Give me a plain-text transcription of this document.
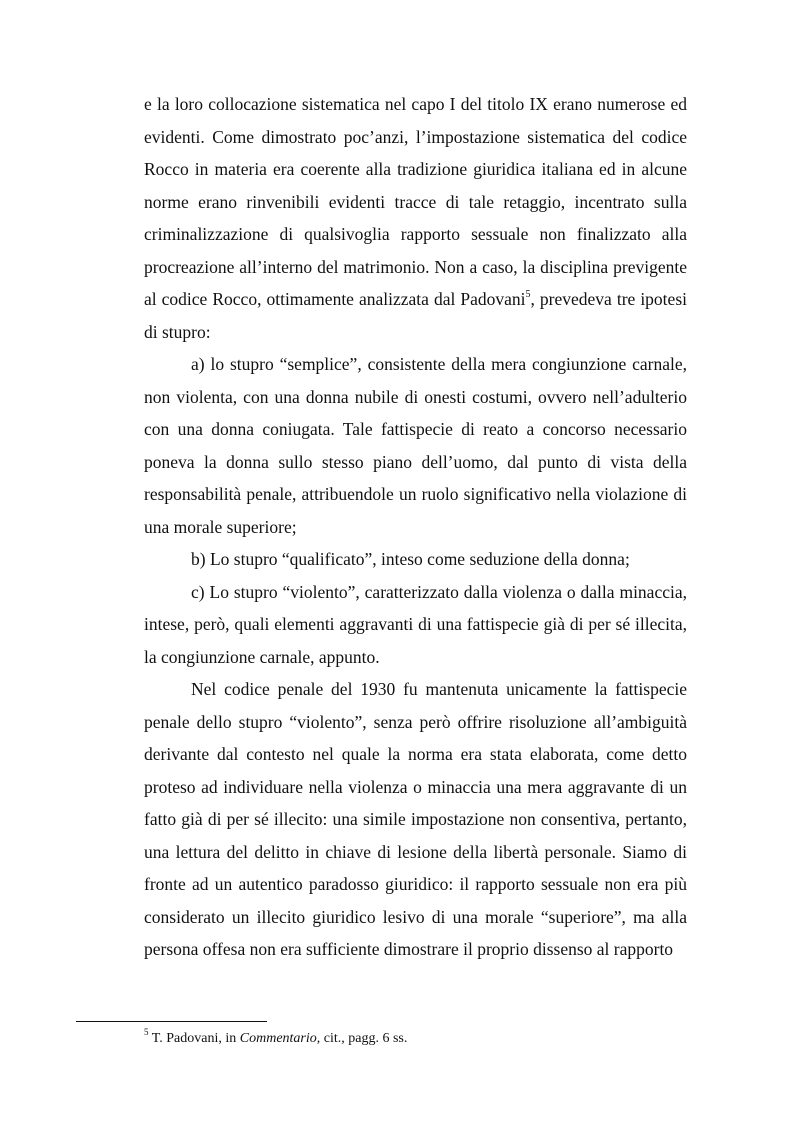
e la loro collocazione sistematica nel capo I del titolo IX erano numerose ed evidenti. Come dimostrato poc’anzi, l’impostazione sistematica del codice Rocco in materia era coerente alla tradizione giuridica italiana ed in alcune norme erano rinvenibili evidenti tracce di tale retaggio, incentrato sulla criminalizzazione di qualsivoglia rapporto sessuale non finalizzato alla procreazione all’interno del matrimonio. Non a caso, la disciplina previgente al codice Rocco, ottimamente analizzata dal Padovani$^5$, prevedeva tre ipotesi di stupro:

a) lo stupro “semplice”, consistente della mera congiunzione carnale, non violenta, con una donna nubile di onesti costumi, ovvero nell’adulterio con una donna coniugata. Tale fattispecie di reato a concorso necessario poneva la donna sullo stesso piano dell’uomo, dal punto di vista della responsabilità penale, attribuendole un ruolo significativo nella violazione di una morale superiore;

b) Lo stupro “qualificato”, inteso come seduzione della donna;

c) Lo stupro “violento”, caratterizzato dalla violenza o dalla minaccia, intese, però, quali elementi aggravanti di una fattispecie già di per sé illecita, la congiunzione carnale, appunto.

Nel codice penale del 1930 fu mantenuta unicamente la fattispecie penale dello stupro “violento”, senza però offrire risoluzione all’ambiguità derivante dal contesto nel quale la norma era stata elaborata, come detto proteso ad individuare nella violenza o minaccia una mera aggravante di un fatto già di per sé illecito: una simile impostazione non consentiva, pertanto, una lettura del delitto in chiave di lesione della libertà personale. Siamo di fronte ad un autentico paradosso giuridico: il rapporto sessuale non era più considerato un illecito giuridico lesivo di una morale “superiore”, ma alla persona offesa non era sufficiente dimostrare il proprio dissenso al rapporto

$^5$ T. Padovani, in Commentario, cit., pagg. 6 ss.
